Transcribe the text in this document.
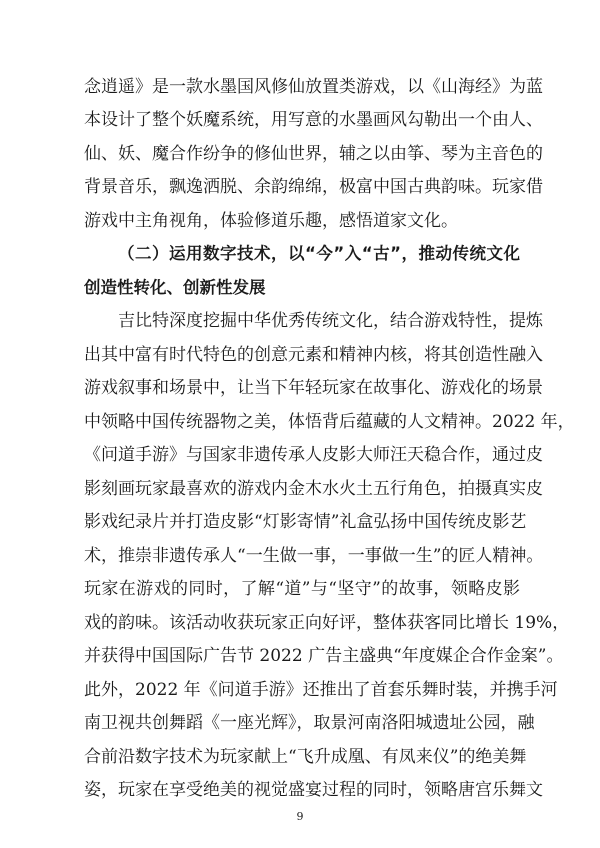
念逍遥》是一款水墨国风修仙放置类游戏，以《山海经》为蓝
本设计了整个妖魔系统，用写意的水墨画风勾勒出一个由人、
仙、妖、魔合作纷争的修仙世界，辅之以由筝、琴为主音色的
背景音乐，飘逸洒脱、余韵绵绵，极富中国古典韵味。玩家借
游戏中主角视角，体验修道乐趣，感悟道家文化。
（二）运用数字技术，以“今”入“古”，推动传统文化
创造性转化、创新性发展
吉比特深度挖掘中华优秀传统文化，结合游戏特性，提炼
出其中富有时代特色的创意元素和精神内核，将其创造性融入
游戏叙事和场景中，让当下年轻玩家在故事化、游戏化的场景
中领略中国传统器物之美，体悟背后蕴藏的人文精神。2022 年，
《问道手游》与国家非遗传承人皮影大师汪天稳合作，通过皮
影刻画玩家最喜欢的游戏内金木水火土五行角色，拍摄真实皮
影戏纪录片并打造皮影“灯影寄情”礼盒弘扬中国传统皮影艺
术，推崇非遗传承人“一生做一事，一事做一生”的匠人精神。
玩家在游戏的同时，了解“道”与“坚守”的故事，领略皮影
戏的韵味。该活动收获玩家正向好评，整体获客同比增长 19%，
并获得中国国际广告节 2022 广告主盛典“年度媒企合作金案”。
此外，2022 年《问道手游》还推出了首套乐舞时装，并携手河
南卫视共创舞蹈《一座光辉》，取景河南洛阳城遗址公园，融
合前沿数字技术为玩家献上“飞升成凰、有凤来仪”的绝美舞
姿，玩家在享受绝美的视觉盛宴过程的同时，领略唐宫乐舞文
9
